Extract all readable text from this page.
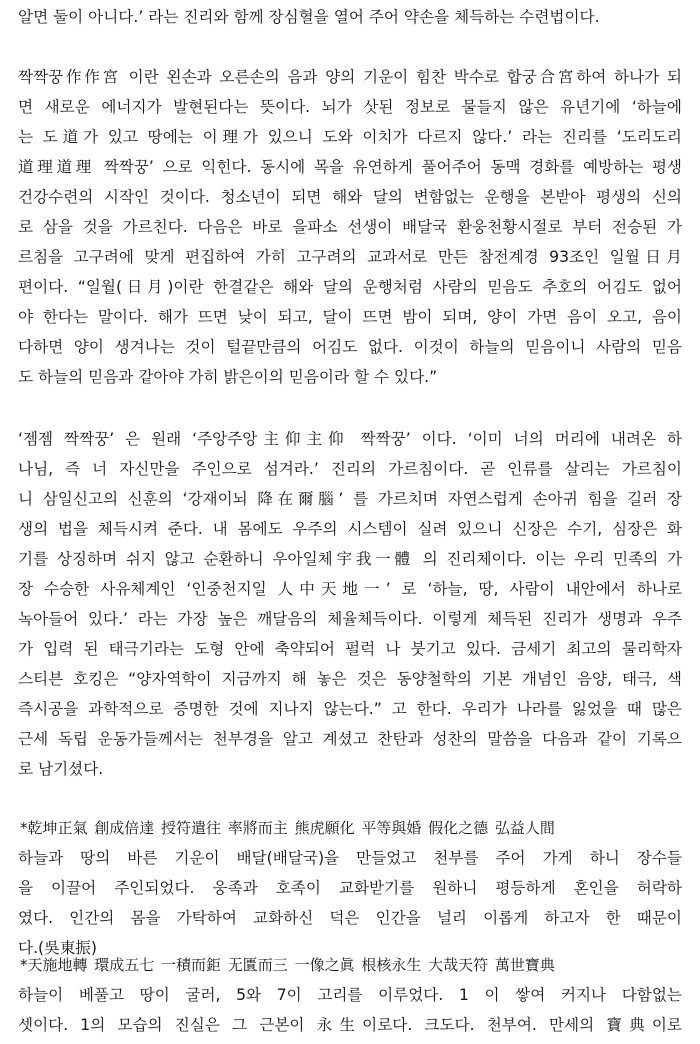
알면 둘이 아니다.’ 라는 진리와 함께 장심혈을 열어 주어 약손을 체득하는 수련법이다.
짝짝꿍作作宮 이란 왼손과 오른손의 음과 양의 기운이 힘찬 박수로 합궁合宮하여 하나가 되
면 새로운 에너지가 발현된다는 뜻이다. 뇌가 삿된 정보로 물들지 않은 유년기에 ‘하늘에
는 도道가 있고 땅에는 이理가 있으니 도와 이치가 다르지 않다.’ 라는 진리를 ‘도리도리
道理道理 짝짝꿍’ 으로 익힌다. 동시에 목을 유연하게 풀어주어 동맥 경화를 예방하는 평생
건강수련의 시작인 것이다. 청소년이 되면 해와 달의 변함없는 운행을 본받아 평생의 신의
로 삼을 것을 가르친다. 다음은 바로 을파소 선생이 배달국 환웅천황시절로 부터 전승된 가
르침을 고구려에 맞게 편집하여 가히 고구려의 교과서로 만든 참전계경 93조인 일월日月
편이다. “일월(日月)이란 한결같은 해와 달의 운행처럼 사람의 믿음도 추호의 어김도 없어
야 한다는 말이다. 해가 뜨면 낮이 되고, 달이 뜨면 밤이 되며, 양이 가면 음이 오고, 음이
다하면 양이 생겨나는 것이 털끝만큼의 어김도 없다. 이것이 하늘의 믿음이니 사람의 믿음
도 하늘의 믿음과 같아야 가히 밝은이의 믿음이라 할 수 있다.”
‘젬젬 짝짝꿍’ 은 원래 ‘주앙주앙主仰主仰 짝짝꿍’ 이다. ‘이미 너의 머리에 내려온 하
나님, 즉 너 자신만을 주인으로 섬겨라.’ 진리의 가르침이다. 곧 인류를 살리는 가르침이
니 삼일신고의 신훈의 ‘강재이뇌 降在爾腦’ 를 가르치며 자연스럽게 손아귀 힘을 길러 장
생의 법을 체득시켜 준다. 내 몸에도 우주의 시스템이 실려 있으니 신장은 수기, 심장은 화
기를 상징하며 쉬지 않고 순환하니 우아일체宇我一體 의 진리체이다. 이는 우리 민족의 가
장 수승한 사유체계인 ‘인중천지일 人中天地一’ 로 ‘하늘, 땅, 사람이 내안에서 하나로
녹아들어 있다.’ 라는 가장 높은 깨달음의 체율체득이다. 이렇게 체득된 진리가 생명과 우주
가 입력 된 태극기라는 도형 안에 축약되어 펄럭 나 붓기고 있다. 금세기 최고의 물리학자
스티븐 호킹은 “양자역학이 지금까지 해 놓은 것은 동양철학의 기본 개념인 음양, 태극, 색
즉시공을 과학적으로 증명한 것에 지나지 않는다.” 고 한다. 우리가 나라를 잃었을 때 많은
근세 독립 운동가들께서는 천부경을 알고 계셨고 찬탄과 성찬의 말씀을 다음과 같이 기록으
로 남기셨다.
*乾坤正氣 創成倍達 授符遣往 率將而主 熊虎願化 平等與婚 假化之德 弘益人間
하늘과 땅의 바른 기운이 배달(배달국)을 만들었고 천부를 주어 가게 하니 장수들
을 이끌어 주인되었다. 웅족과 호족이 교화받기를 원하니 평등하게 혼인을 허락하
였다. 인간의 몸을 가탁하여 교화하신 덕은 인간을 널리 이롭게 하고자 한 때문이
다.(吳東振)
*天施地轉 環成五七 一積而鉅 无匱而三 一像之眞 根核永生 大哉天符 萬世寶典
하늘이 베풀고 땅이 굴러, 5와 7이 고리를 이루었다. 1 이 쌓여 커지나 다함없는
셋이다. 1의 모습의 진실은 그 근본이 永生이로다. 크도다. 천부여. 만세의 寶典이로
